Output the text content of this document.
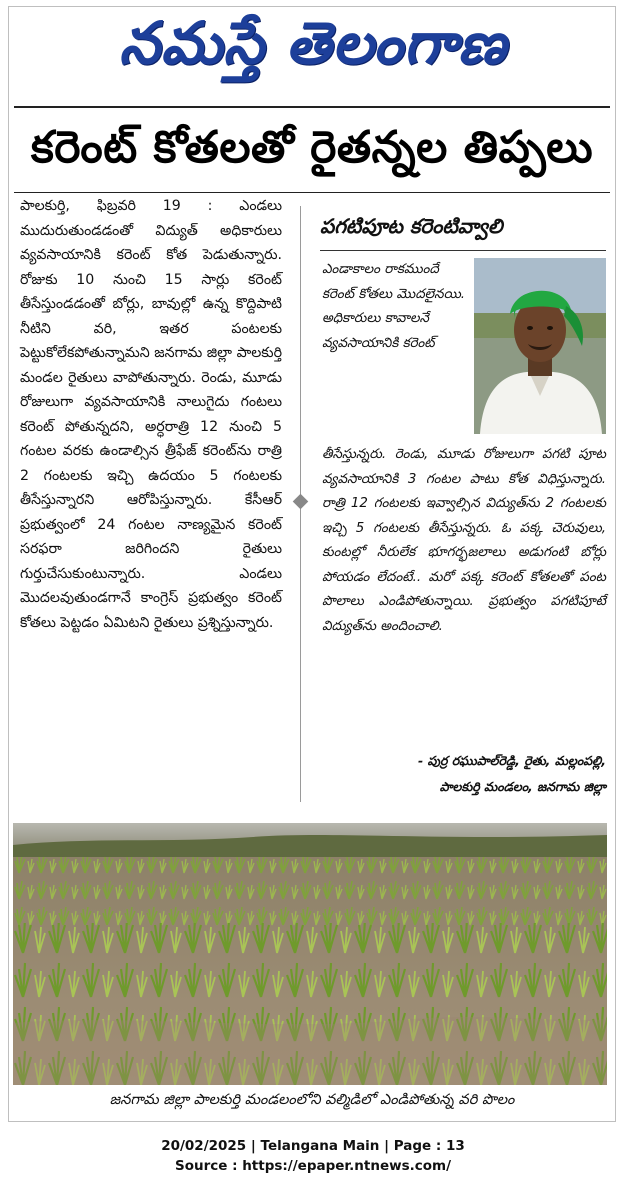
నమస్తే తెలంగాణ
కరెంట్ కోతలతో రైతన్నల తిప్పలు

పాలకుర్తి, ఫిబ్రవరి 19 : ఎండలు ముదురుతుండడంతో విద్యుత్ అధికారులు వ్యవసాయానికి కరెంట్ కోత పెడుతున్నారు. రోజుకు 10 నుంచి 15 సార్లు కరెంట్ తీసేస్తుండడంతో బోర్లు, బావుల్లో ఉన్న కొద్దిపాటి నీటిని వరి, ఇతర పంటలకు పెట్టుకోలేకపోతున్నామని జనగామ జిల్లా పాలకుర్తి మండల రైతులు వాపోతున్నారు. రెండు, మూడు రోజులుగా వ్యవసాయానికి నాలుగైదు గంటలు కరెంట్ పోతున్నదని, అర్ధరాత్రి 12 నుంచి 5 గంటల వరకు ఉండాల్సిన త్రీఫేజ్ కరెంట్‌ను రాత్రి 2 గంటలకు ఇచ్చి ఉదయం 5 గంటలకు తీసేస్తున్నారని ఆరోపిస్తున్నారు. కేసీఆర్ ప్రభుత్వంలో 24 గంటల నాణ్యమైన కరెంట్ సరఫరా జరిగిందని రైతులు గుర్తుచేసుకుంటున్నారు. ఎండలు మొదలవుతుండగానే కాంగ్రెస్ ప్రభుత్వం కరెంట్ కోతలు పెట్టడం ఏమిటని రైతులు ప్రశ్నిస్తున్నారు.

పగటిపూట కరెంటివ్వాలి

ఎండాకాలం రాకముందే కరెంట్ కోతలు మొదలైనయి. అధికారులు కావాలనే వ్యవసాయానికి కరెంట్

తీసేస్తున్నరు. రెండు, మూడు రోజులుగా పగటి పూట వ్యవసాయానికి 3 గంటల పాటు కోత విధిస్తున్నారు. రాత్రి 12 గంటలకు ఇవ్వాల్సిన విద్యుత్‌ను 2 గంటలకు ఇచ్చి 5 గంటలకు తీసేస్తున్నరు. ఓ పక్క చెరువులు, కుంటల్లో నీరులేక భూగర్భజలాలు అడుగంటి బోర్లు పోయడం లేదంటే.. మరో పక్క కరెంట్ కోతలతో పంట పొలాలు ఎండిపోతున్నాయి. ప్రభుత్వం పగటిపూటే విద్యుత్‌ను అందించాలి.

- పుర్ర రఘుపాల్‌రెడ్డి, రైతు, మల్లంపల్లి,
పాలకుర్తి మండలం, జనగామ జిల్లా
జనగామ జిల్లా పాలకుర్తి మండలంలోని వల్మిడిలో ఎండిపోతున్న వరి పొలం
20/02/2025 | Telangana Main | Page : 13
Source : https://epaper.ntnews.com/
